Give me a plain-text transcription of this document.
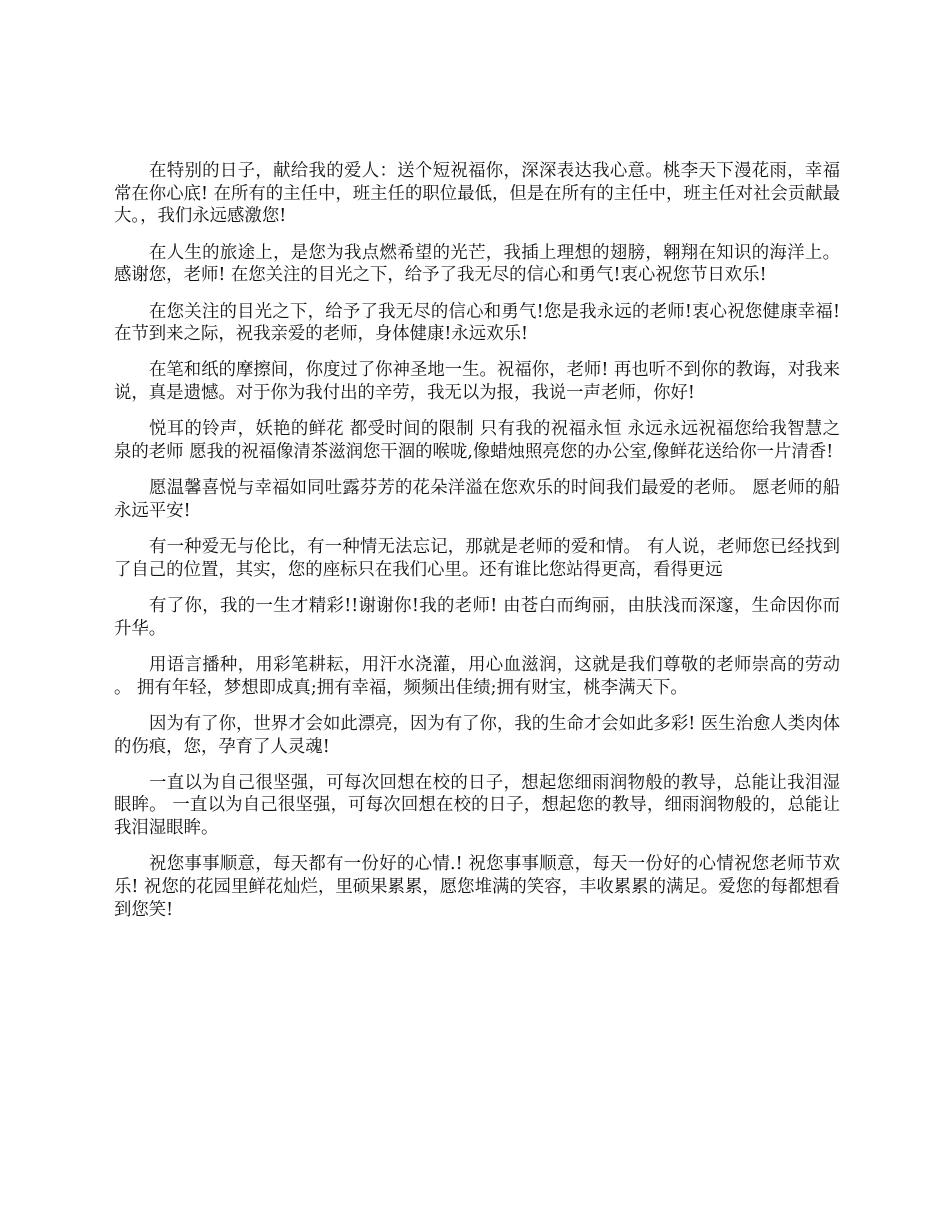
在特别的日子，献给我的爱人：送个短祝福你，深深表达我心意。桃李天下漫花雨，幸福常在你心底! 在所有的主任中，班主任的职位最低，但是在所有的主任中，班主任对社会贡献最大。，我们永远感激您!

在人生的旅途上，是您为我点燃希望的光芒，我插上理想的翅膀，翱翔在知识的海洋上。感谢您，老师! 在您关注的目光之下，给予了我无尽的信心和勇气!衷心祝您节日欢乐!

在您关注的目光之下，给予了我无尽的信心和勇气!您是我永远的老师!衷心祝您健康幸福! 在节到来之际，祝我亲爱的老师，身体健康!永远欢乐!

在笔和纸的摩擦间，你度过了你神圣地一生。祝福你，老师! 再也听不到你的教诲，对我来说，真是遗憾。对于你为我付出的辛劳，我无以为报，我说一声老师，你好!

悦耳的铃声，妖艳的鲜花 都受时间的限制 只有我的祝福永恒 永远永远祝福您给我智慧之泉的老师 愿我的祝福像清茶滋润您干涸的喉咙,像蜡烛照亮您的办公室,像鲜花送给你一片清香!

愿温馨喜悦与幸福如同吐露芬芳的花朵洋溢在您欢乐的时间我们最爱的老师。 愿老师的船永远平安!

有一种爱无与伦比，有一种情无法忘记，那就是老师的爱和情。 有人说，老师您已经找到了自己的位置，其实，您的座标只在我们心里。还有谁比您站得更高，看得更远

有了你，我的一生才精彩!!谢谢你!我的老师! 由苍白而绚丽，由肤浅而深邃，生命因你而升华。

用语言播种，用彩笔耕耘，用汗水浇灌，用心血滋润，这就是我们尊敬的老师崇高的劳动。 拥有年轻，梦想即成真;拥有幸福，频频出佳绩;拥有财宝，桃李满天下。

因为有了你，世界才会如此漂亮，因为有了你，我的生命才会如此多彩! 医生治愈人类肉体的伤痕，您，孕育了人灵魂!

一直以为自己很坚强，可每次回想在校的日子，想起您细雨润物般的教导，总能让我泪湿眼眸。 一直以为自己很坚强，可每次回想在校的日子，想起您的教导，细雨润物般的，总能让我泪湿眼眸。

祝您事事顺意，每天都有一份好的心情.! 祝您事事顺意，每天一份好的心情祝您老师节欢乐! 祝您的花园里鲜花灿烂，里硕果累累，愿您堆满的笑容，丰收累累的满足。爱您的每都想看到您笑!
